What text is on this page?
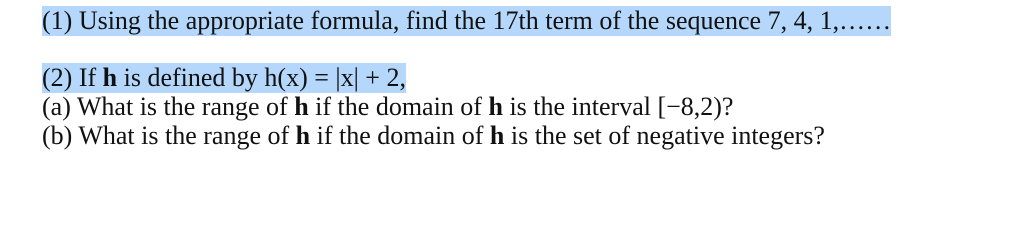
(1) Using the appropriate formula, find the 17th term of the sequence 7, 4, 1,……
(2) If h is defined by h(x) = |x| + 2,
(a) What is the range of h if the domain of h is the interval [−8,2)?
(b) What is the range of h if the domain of h is the set of negative integers?
